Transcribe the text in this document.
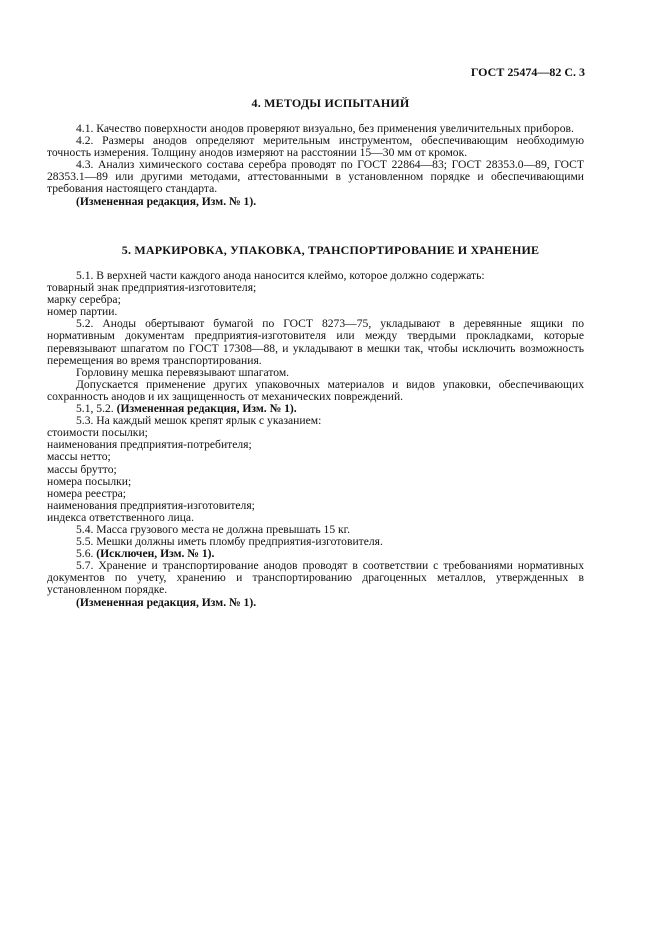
ГОСТ 25474—82 С. 3
4. МЕТОДЫ ИСПЫТАНИЙ

4.1. Качество поверхности анодов проверяют визуально, без применения увеличительных приборов.

4.2. Размеры анодов определяют мерительным инструментом, обеспечивающим необходимую точность измерения. Толщину анодов измеряют на расстоянии 15—30 мм от кромок.

4.3. Анализ химического состава серебра проводят по ГОСТ 22864—83; ГОСТ 28353.0—89, ГОСТ 28353.1—89 или другими методами, аттестованными в установленном порядке и обеспечивающими требования настоящего стандарта.

(Измененная редакция, Изм. № 1).

5. МАРКИРОВКА, УПАКОВКА, ТРАНСПОРТИРОВАНИЕ И ХРАНЕНИЕ

5.1. В верхней части каждого анода наносится клеймо, которое должно содержать:

товарный знак предприятия-изготовителя;

марку серебра;

номер партии.

5.2. Аноды обертывают бумагой по ГОСТ 8273—75, укладывают в деревянные ящики по нормативным документам предприятия-изготовителя или между твердыми прокладками, которые перевязывают шпагатом по ГОСТ 17308—88, и укладывают в мешки так, чтобы исключить возможность перемещения во время транспортирования.

Горловину мешка перевязывают шпагатом.

Допускается применение других упаковочных материалов и видов упаковки, обеспечивающих сохранность анодов и их защищенность от механических повреждений.

5.1, 5.2. (Измененная редакция, Изм. № 1).

5.3. На каждый мешок крепят ярлык с указанием:

стоимости посылки;

наименования предприятия-потребителя;

массы нетто;

массы брутто;

номера посылки;

номера реестра;

наименования предприятия-изготовителя;

индекса ответственного лица.

5.4. Масса грузового места не должна превышать 15 кг.

5.5. Мешки должны иметь пломбу предприятия-изготовителя.

5.6. (Исключен, Изм. № 1).

5.7. Хранение и транспортирование анодов проводят в соответствии с требованиями нормативных документов по учету, хранению и транспортированию драгоценных металлов, утвержденных в установленном порядке.

(Измененная редакция, Изм. № 1).
